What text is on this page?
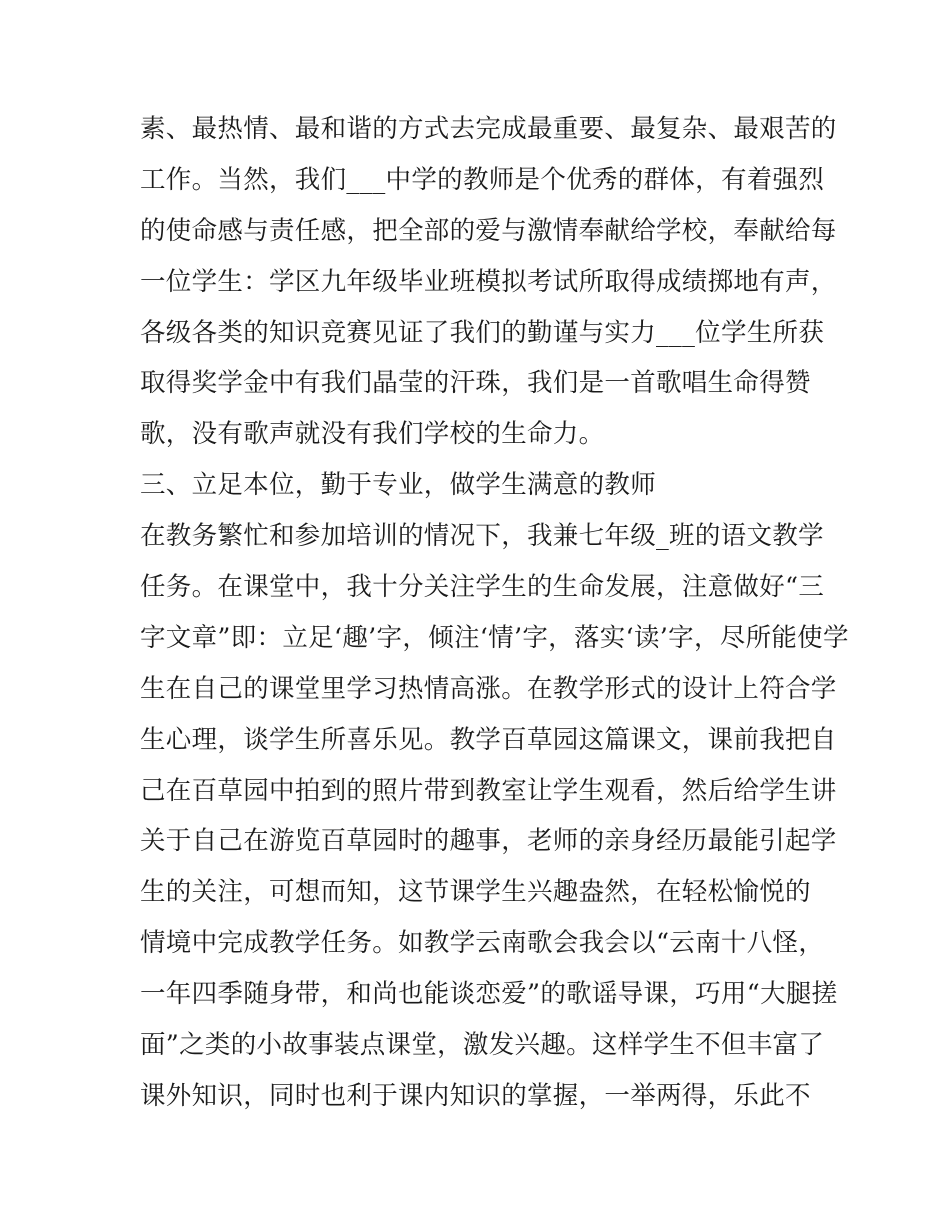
素、最热情、最和谐的方式去完成最重要、最复杂、最艰苦的
工作。当然，我们___中学的教师是个优秀的群体，有着强烈
的使命感与责任感，把全部的爱与激情奉献给学校，奉献给每
一位学生：学区九年级毕业班模拟考试所取得成绩掷地有声，
各级各类的知识竞赛见证了我们的勤谨与实力___位学生所获
取得奖学金中有我们晶莹的汗珠，我们是一首歌唱生命得赞
歌，没有歌声就没有我们学校的生命力。
三、立足本位，勤于专业，做学生满意的教师
在教务繁忙和参加培训的情况下，我兼七年级_班的语文教学
任务。在课堂中，我十分关注学生的生命发展，注意做好“三
字文章”即：立足‘趣’字，倾注‘情’字，落实‘读’字，尽所能使学
生在自己的课堂里学习热情高涨。在教学形式的设计上符合学
生心理，谈学生所喜乐见。教学百草园这篇课文，课前我把自
己在百草园中拍到的照片带到教室让学生观看，然后给学生讲
关于自己在游览百草园时的趣事，老师的亲身经历最能引起学
生的关注，可想而知，这节课学生兴趣盎然，在轻松愉悦的
情境中完成教学任务。如教学云南歌会我会以“云南十八怪，
一年四季随身带，和尚也能谈恋爱”的歌谣导课，巧用“大腿搓
面”之类的小故事装点课堂，激发兴趣。这样学生不但丰富了
课外知识，同时也利于课内知识的掌握，一举两得，乐此不
